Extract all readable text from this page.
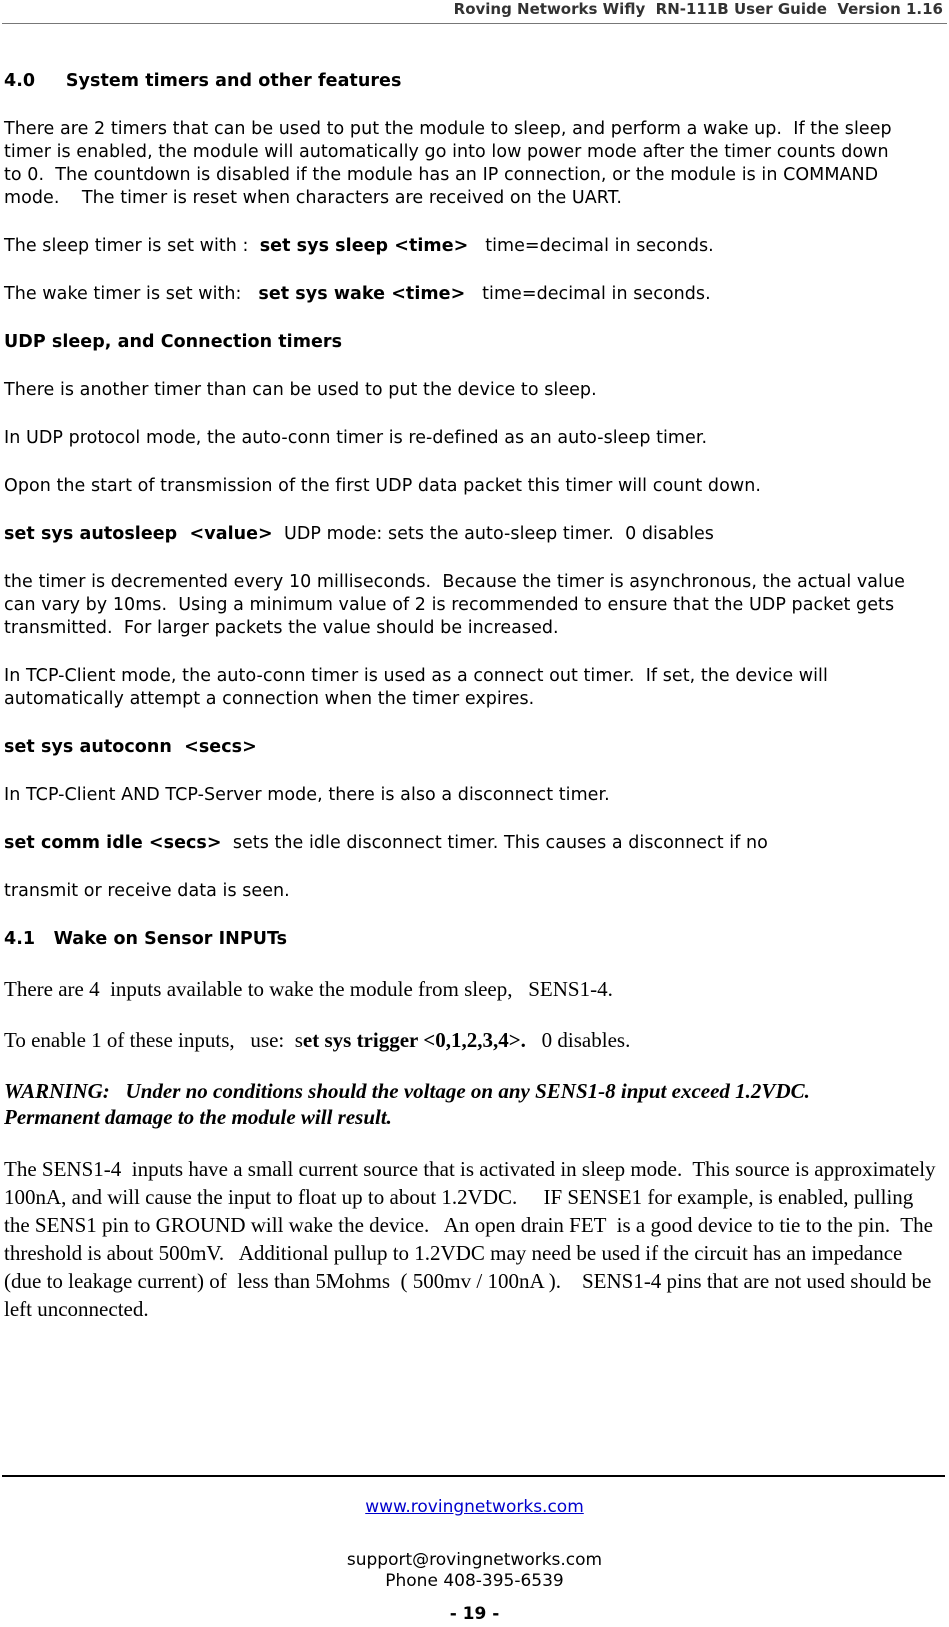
Roving Networks Wifly  RN-111B User Guide  Version 1.16

4.0     System timers and other features

There are 2 timers that can be used to put the module to sleep, and perform a wake up.  If the sleep timer is enabled, the module will automatically go into low power mode after the timer counts down to 0.  The countdown is disabled if the module has an IP connection, or the module is in COMMAND mode.    The timer is reset when characters are received on the UART.

The sleep timer is set with :  set sys sleep <time>   time=decimal in seconds.

The wake timer is set with:   set sys wake <time>   time=decimal in seconds.

UDP sleep, and Connection timers

There is another timer than can be used to put the device to sleep.

In UDP protocol mode, the auto-conn timer is re-defined as an auto-sleep timer.

Opon the start of transmission of the first UDP data packet this timer will count down.

set sys autosleep  <value>  UDP mode: sets the auto-sleep timer.  0 disables

the timer is decremented every 10 milliseconds.  Because the timer is asynchronous, the actual value can vary by 10ms.  Using a minimum value of 2 is recommended to ensure that the UDP packet gets transmitted.  For larger packets the value should be increased.

In TCP-Client mode, the auto-conn timer is used as a connect out timer.  If set, the device will automatically attempt a connection when the timer expires.

set sys autoconn  <secs>

In TCP-Client AND TCP-Server mode, there is also a disconnect timer.

set comm idle <secs>  sets the idle disconnect timer. This causes a disconnect if no

transmit or receive data is seen.

4.1   Wake on Sensor INPUTs

There are 4  inputs available to wake the module from sleep,   SENS1-4.

To enable 1 of these inputs,   use:  set sys trigger <0,1,2,3,4>.   0 disables.

WARNING:   Under no conditions should the voltage on any SENS1-8 input exceed 1.2VDC.  Permanent damage to the module will result.

The SENS1-4  inputs have a small current source that is activated in sleep mode.  This source is approximately 100nA, and will cause the input to float up to about 1.2VDC.     IF SENSE1 for example, is enabled, pulling the SENS1 pin to GROUND will wake the device.   An open drain FET  is a good device to tie to the pin.  The threshold is about 500mV.   Additional pullup to 1.2VDC may need be used if the circuit has an impedance (due to leakage current) of  less than 5Mohms  ( 500mv / 100nA ).    SENS1-4 pins that are not used should be left unconnected.

www.rovingnetworks.com
support@rovingnetworks.com
Phone 408-395-6539
- 19 -
